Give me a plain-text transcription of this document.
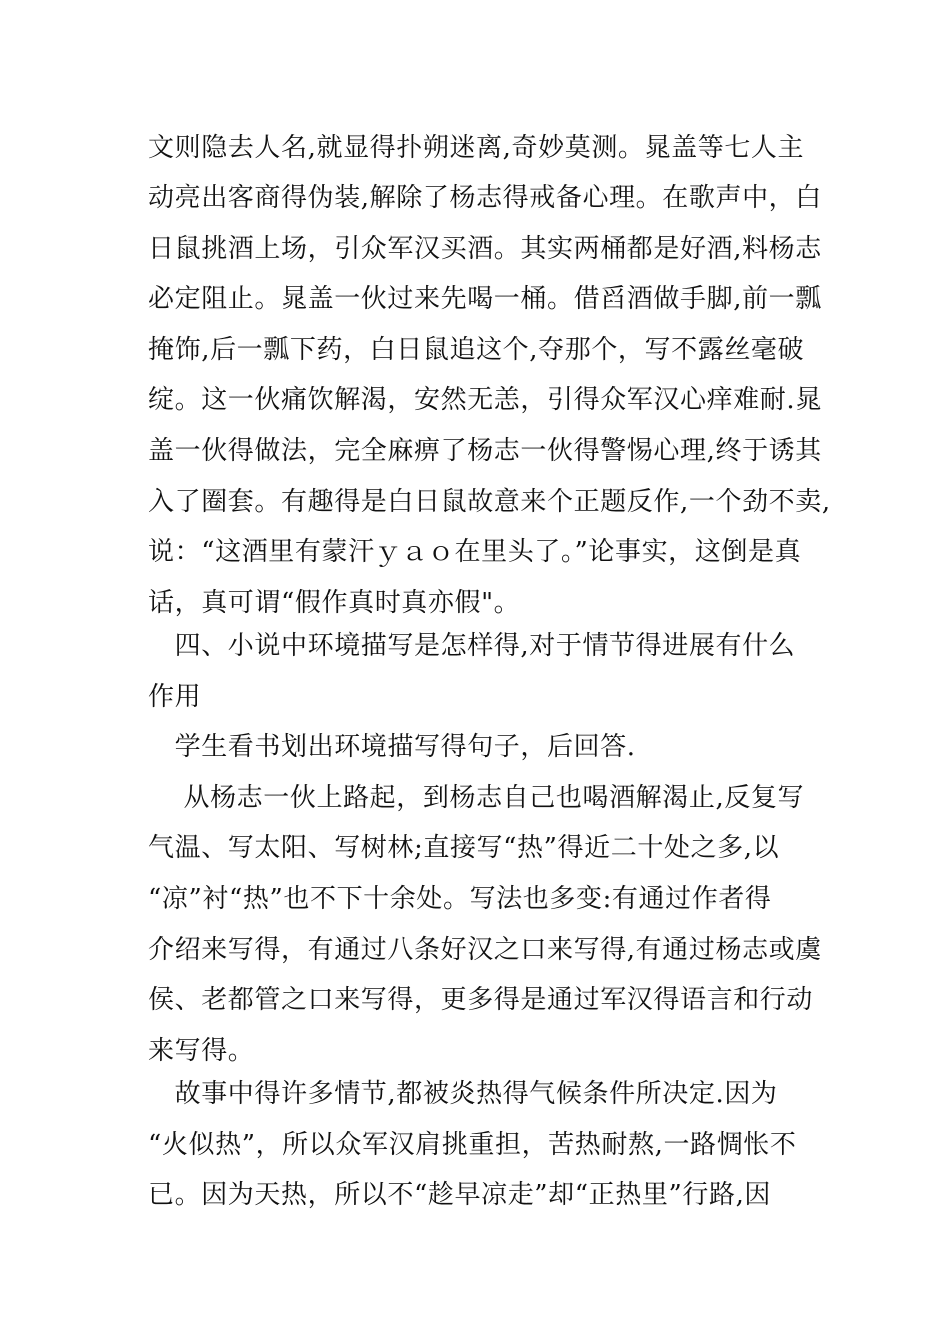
文则隐去人名,就显得扑朔迷离,奇妙莫测。晁盖等七人主
动亮出客商得伪装,解除了杨志得戒备心理。在歌声中，白
日鼠挑酒上场，引众军汉买酒。其实两桶都是好酒,料杨志
必定阻止。晁盖一伙过来先喝一桶。借舀酒做手脚,前一瓢
掩饰,后一瓢下药，白日鼠追这个,夺那个，写不露丝毫破
绽。这一伙痛饮解渴，安然无恙，引得众军汉心痒难耐.晁
盖一伙得做法，完全麻痹了杨志一伙得警惕心理,终于诱其
入了圈套。有趣得是白日鼠故意来个正题反作,一个劲不卖,
说：“这酒里有蒙汗ｙａｏ在里头了。”论事实，这倒是真
话，真可谓“假作真时真亦假"。
　四、小说中环境描写是怎样得,对于情节得进展有什么
作用
　学生看书划出环境描写得句子，后回答.
　 从杨志一伙上路起，到杨志自己也喝酒解渴止,反复写
气温、写太阳、写树林;直接写“热”得近二十处之多,以
“凉”衬“热”也不下十余处。写法也多变:有通过作者得
介绍来写得，有通过八条好汉之口来写得,有通过杨志或虞
侯、老都管之口来写得，更多得是通过军汉得语言和行动
来写得。
　故事中得许多情节,都被炎热得气候条件所决定.因为
“火似热”，所以众军汉肩挑重担，苦热耐熬,一路惆怅不
已。因为天热，所以不“趁早凉走”却“正热里”行路,因
